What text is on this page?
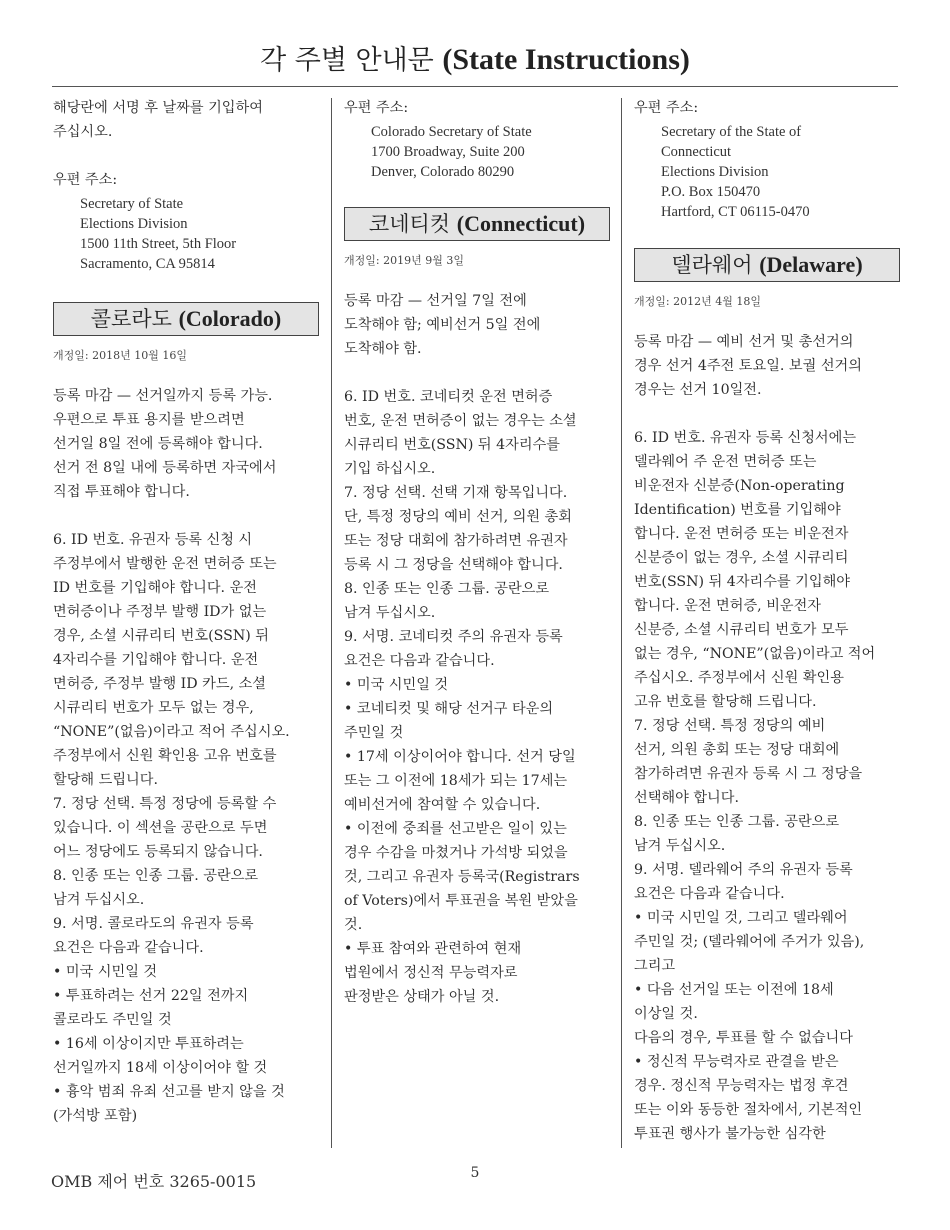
각 주별 안내문 (State Instructions)
해당란에 서명 후 날짜를 기입하여
주십시오.
우편 주소:
Secretary of State
Elections Division
1500 11th Street, 5th Floor
Sacramento, CA 95814
콜로라도 (Colorado)
개정일: 2018년 10월 16일
등록 마감 — 선거일까지 등록 가능.
우편으로 투표 용지를 받으려면
선거일 8일 전에 등록해야 합니다.
선거 전 8일 내에 등록하면 자국에서
직접 투표해야 합니다.
6. ID 번호. 유권자 등록 신청 시
주정부에서 발행한 운전 면허증 또는
ID 번호를 기입해야 합니다. 운전
면허증이나 주정부 발행 ID가 없는
경우, 소셜 시큐리티 번호(SSN) 뒤
4자리수를 기입해야 합니다. 운전
면허증, 주정부 발행 ID 카드, 소셜
시큐리티 번호가 모두 없는 경우,
“NONE”(없음)이라고 적어 주십시오.
주정부에서 신원 확인용 고유 번호를
할당해 드립니다.
7. 정당 선택. 특정 정당에 등록할 수
있습니다. 이 섹션을 공란으로 두면
어느 정당에도 등록되지 않습니다.
8. 인종 또는 인종 그룹. 공란으로
남겨 두십시오.
9. 서명. 콜로라도의 유권자 등록
요건은 다음과 같습니다.
• 미국 시민일 것
• 투표하려는 선거 22일 전까지
콜로라도 주민일 것
• 16세 이상이지만 투표하려는
선거일까지 18세 이상이어야 할 것
• 흉악 범죄 유죄 선고를 받지 않을 것
(가석방 포함)
우편 주소:
Colorado Secretary of State
1700 Broadway, Suite 200
Denver, Colorado 80290
코네티컷 (Connecticut)
개정일: 2019년 9월 3일
등록 마감 — 선거일 7일 전에
도착해야 함; 예비선거 5일 전에
도착해야 함.
6. ID 번호. 코네티컷 운전 면허증
번호, 운전 면허증이 없는 경우는 소셜
시큐리티 번호(SSN) 뒤 4자리수를
기입 하십시오.
7. 정당 선택. 선택 기재 항목입니다.
단, 특정 정당의 예비 선거, 의원 총회
또는 정당 대회에 참가하려면 유권자
등록 시 그 정당을 선택해야 합니다.
8. 인종 또는 인종 그룹. 공란으로
남겨 두십시오.
9. 서명. 코네티컷 주의 유권자 등록
요건은 다음과 같습니다.
• 미국 시민일 것
• 코네티컷 및 해당 선거구 타운의
주민일 것
• 17세 이상이어야 합니다. 선거 당일
또는 그 이전에 18세가 되는 17세는
예비선거에 참여할 수 있습니다.
• 이전에 중죄를 선고받은 일이 있는
경우 수감을 마쳤거나 가석방 되었을
것, 그리고 유권자 등록국(Registrars
of Voters)에서 투표권을 복원 받았을
것.
• 투표 참여와 관련하여 현재
법원에서 정신적 무능력자로
판정받은 상태가 아닐 것.
우편 주소:
Secretary of the State of
Connecticut
Elections Division
P.O. Box 150470
Hartford, CT 06115-0470
델라웨어 (Delaware)
개정일: 2012년 4월 18일
등록 마감 — 예비 선거 및 총선거의
경우 선거 4주전 토요일. 보궐 선거의
경우는 선거 10일전.
6. ID 번호. 유권자 등록 신청서에는
델라웨어 주 운전 면허증 또는
비운전자 신분증(Non-operating
Identification) 번호를 기입해야
합니다. 운전 면허증 또는 비운전자
신분증이 없는 경우, 소셜 시큐리티
번호(SSN) 뒤 4자리수를 기입해야
합니다. 운전 면허증, 비운전자
신분증, 소셜 시큐리티 번호가 모두
없는 경우, “NONE”(없음)이라고 적어
주십시오. 주정부에서 신원 확인용
고유 번호를 할당해 드립니다.
7. 정당 선택. 특정 정당의 예비
선거, 의원 총회 또는 정당 대회에
참가하려면 유권자 등록 시 그 정당을
선택해야 합니다.
8. 인종 또는 인종 그룹. 공란으로
남겨 두십시오.
9. 서명. 델라웨어 주의 유권자 등록
요건은 다음과 같습니다.
• 미국 시민일 것, 그리고 델라웨어
주민일 것; (델라웨어에 주거가 있음),
그리고
• 다음 선거일 또는 이전에 18세
이상일 것.
다음의 경우, 투표를 할 수 없습니다
• 정신적 무능력자로 관결을 받은
경우. 정신적 무능력자는 법정 후견
또는 이와 동등한 절차에서, 기본적인
투표권 행사가 불가능한 심각한
OMB 제어 번호 3265-0015	5
